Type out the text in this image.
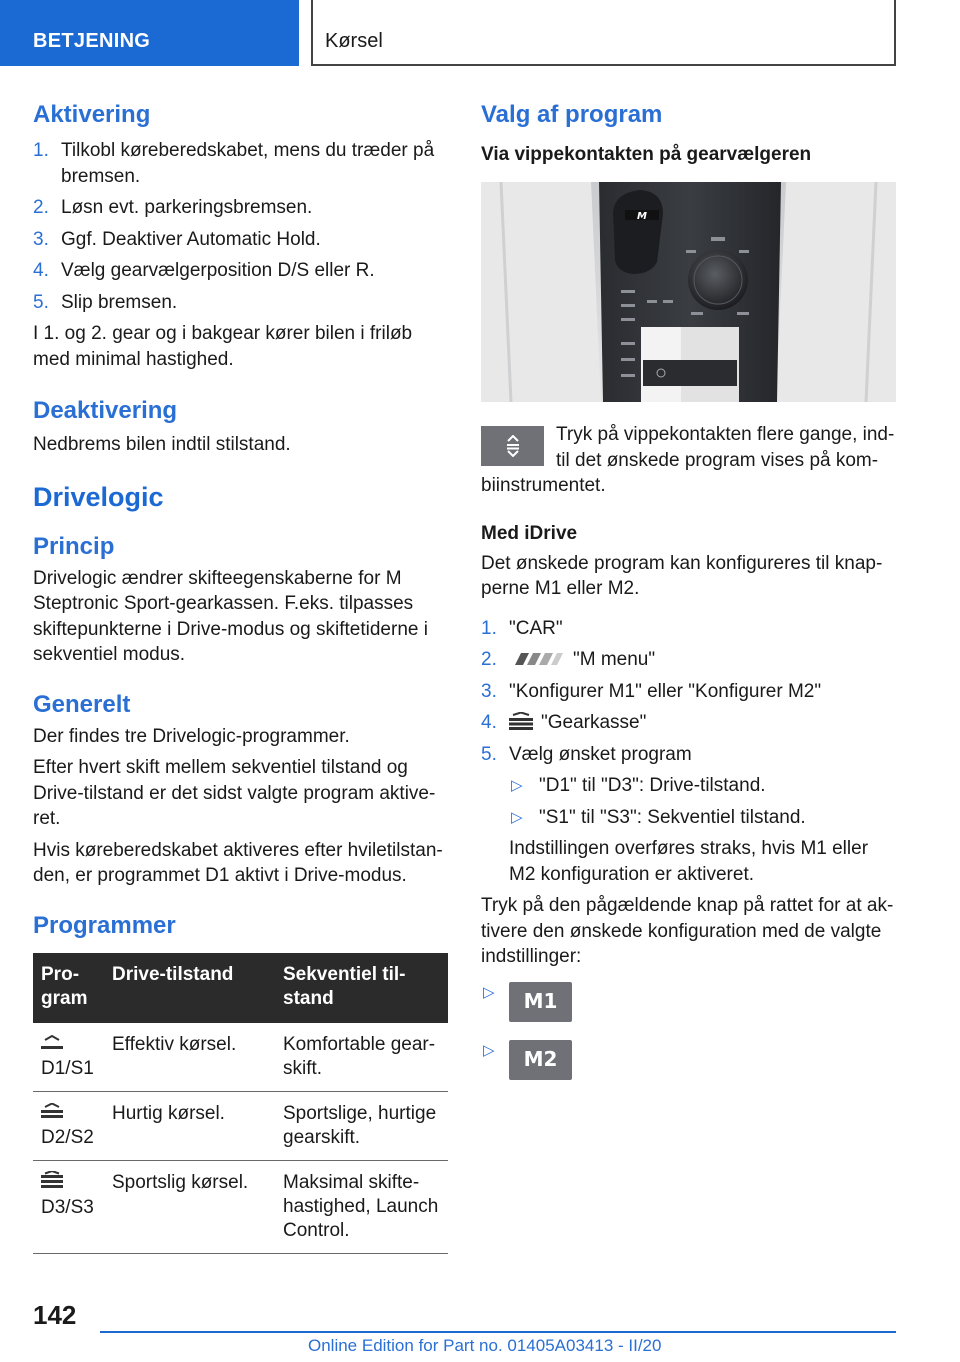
BETJENING	Kørsel
Aktivering
1. Tilkobl køreberedskabet, mens du træder på bremsen.
2. Løsn evt. parkeringsbremsen.
3. Ggf. Deaktiver Automatic Hold.
4. Vælg gearvælgerposition D/S eller R.
5. Slip bremsen.

I 1. og 2. gear og i bakgear kører bilen i friløb med minimal hastighed.

Deaktivering

Nedbrems bilen indtil stilstand.

Drivelogic
Princip

Drivelogic ændrer skifteegenskaberne for M Steptronic Sport-gearkassen. F.eks. tilpasses skiftepunkterne i Drive-modus og skiftetiderne i sekventiel modus.

Generelt

Der findes tre Drivelogic-programmer.

Efter hvert skift mellem sekventiel tilstand og Drive-tilstand er det sidst valgte program aktiveret.

Hvis køreberedskabet aktiveres efter hviletilstanden, er programmet D1 aktivt i Drive-modus.

Programmer
Program	Drive-tilstand	Sekventiel tilstand

D1/S1	Effektiv kørsel.	Komfortable gearskift.

D2/S2	Hurtig kørsel.	Sportslige, hurtige gearskift.

D3/S3	Sportslig kørsel.	Maksimal skiftehastighed, Launch Control.
Valg af program
Via vippekontakten på gearvælgeren
M

Tryk på vippekontakten flere gange, indtil det ønskede program vises på kombiinstrumentet.

Med iDrive

Det ønskede program kan konfigureres til knapperne M1 eller M2.

1. "CAR"
2.	"M menu"
3. "Konfigurer M1" eller "Konfigurer M2"
4. "Gearkasse"
5. Vælg ønsket program
▷ "D1" til "D3": Drive-tilstand.
▷ "S1" til "S3": Sekventiel tilstand.

Indstillingen overføres straks, hvis M1 eller M2 konfiguration er aktiveret.

Tryk på den pågældende knap på rattet for at aktivere den ønskede konfiguration med de valgte indstillinger:

▷ M1
▷ M2
142
Online Edition for Part no. 01405A03413 - II/20
